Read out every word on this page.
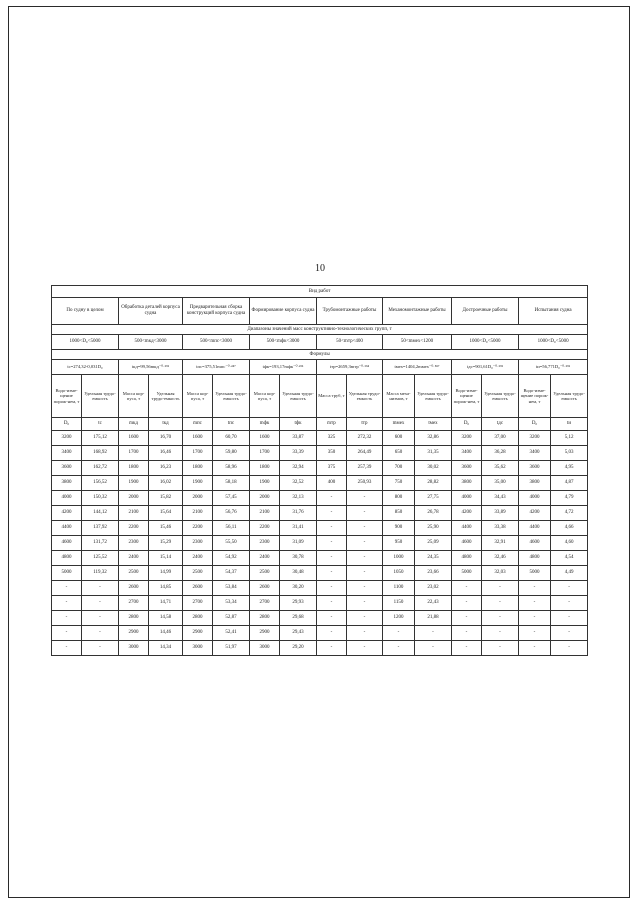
10
Вид работ															
По судну в целом		Обработка деталей корпуса судна		Предварительная сборка конструкций корпуса судна		Формирование корпуса судна		Трубомонтажные работы		Механомонтажные работы		Достроечные работы		Испытания судна	
Диапазоны значений масс конструктивно-технологических групп, т															
1000<D₀<5000		500<mкд<3000		500<mпс<3000		500<mфк<3000		50<mтр<400		50<mмех<1200		1000<D₀<5000		1000<D₀<5000	
Формулы															
tс=274,32-0,031D₀		tкд=99,56mкд⁻⁰·²⁹²		tпс=375,51mпс⁻⁰·²⁴⁷		tфк=193,17mфк⁻⁰·²³⁶		tтр=2659,3mтр⁻⁰·³⁹⁴		tмех=1404,2mмех⁻⁰·⁵⁸⁷		tдс=901,61D₀⁻⁰·³⁹³		tи=56,771D₀⁻⁰·²⁹⁶	
Водо-изме-щение порож-нем, т	Удельная трудо-емкость	Масса кор-пуса, т	Удельная трудо-емкость	Масса кор-пуса, т	Удельная трудо-емкость	Масса кор-пуса, т	Удельная трудо-емкость	Масса труб, т	Удельная трудо-емкость	Масса меха-низмов, т	Удельная трудо-емкость	Водо-изме-щение порож-нем, т	Удельная трудо-емкость	Водо-изме-щение порож-нем, т	Удельная трудо-емкость
D₀	tс	mкд	tкд	mпс	tпс	mфк	tфк	mтр	tтр	mмех	tмех	D₀	tдс	D₀	tи
3200	175,12	1600	16,70	1600	60,70	1600	33,87	325	272,32	600	32,86	3200	37,00	3200	5,12
3400	168,92	1700	16,46	1700	59,80	1700	33,39	350	264,49	650	31,35	3400	36,28	3400	5,03
3600	162,72	1800	16,23	1800	58,96	1800	32,94	375	257,39	700	30,02	3600	35,62	3600	4,95
3800	156,52	1900	16,02	1900	58,18	1900	32,52	400	250,93	750	28,82	3800	35,00	3800	4,87
4000	150,32	2000	15,82	2000	57,45	2000	32,13	-	-	800	27,75	4000	34,43	4000	4,79
4200	144,12	2100	15,64	2100	56,76	2100	31,76	-	-	850	26,78	4200	33,89	4200	4,72
4400	137,92	2200	15,46	2200	56,11	2200	31,41	-	-	900	25,90	4400	33,38	4400	4,66
4600	131,72	2300	15,29	2300	55,50	2300	31,09	-	-	950	25,09	4600	32,91	4600	4,60
4800	125,52	2400	15,14	2400	54,92	2400	30,78	-	-	1000	24,35	4800	32,46	4800	4,54
5000	119,32	2500	14,99	2500	54,37	2500	30,48	-	-	1050	23,66	5000	32,03	5000	4,49
-	-	2600	14,85	2600	53,84	2600	30,20	-	-	1100	23,02	-	-	-	-
-	-	2700	14,71	2700	53,34	2700	29,93	-	-	1150	22,43	-	-	-	-
-	-	2800	14,58	2800	52,87	2800	29,68	-	-	1200	21,88	-	-	-	-
-	-	2900	14,46	2900	52,41	2900	29,43	-	-	-	-	-	-	-	-
-	-	3000	14,34	3000	51,97	3000	29,20	-	-	-	-	-	-	-	-
